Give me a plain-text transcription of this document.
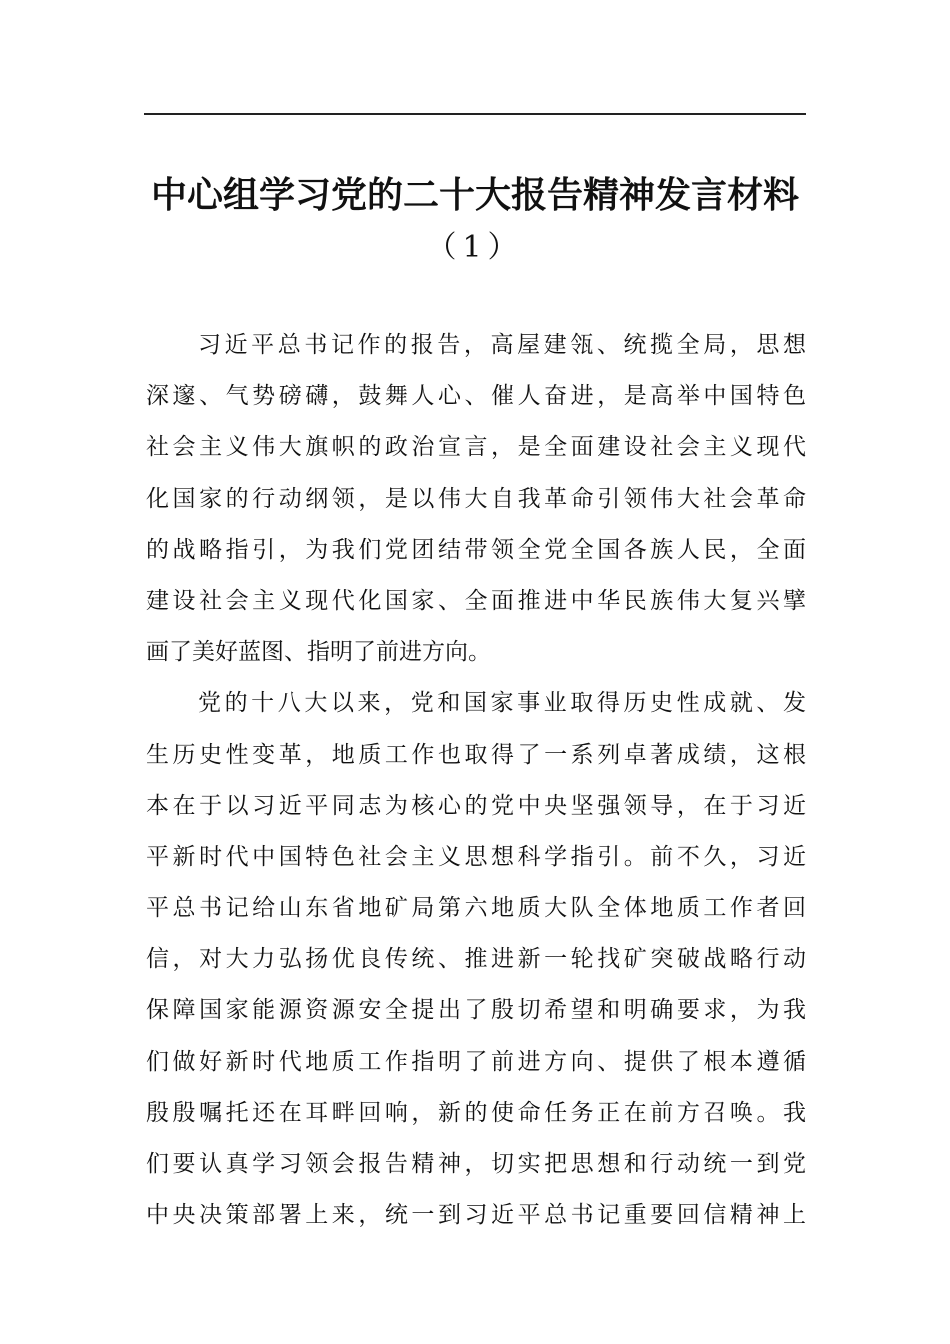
中心组学习党的二十大报告精神发言材料
（1）
习近平总书记作的报告，高屋建瓴、统揽全局，思想
深邃、气势磅礴，鼓舞人心、催人奋进，是高举中国特色
社会主义伟大旗帜的政治宣言，是全面建设社会主义现代
化国家的行动纲领，是以伟大自我革命引领伟大社会革命
的战略指引，为我们党团结带领全党全国各族人民，全面
建设社会主义现代化国家、全面推进中华民族伟大复兴擘
画了美好蓝图、指明了前进方向。
党的十八大以来，党和国家事业取得历史性成就、发
生历史性变革，地质工作也取得了一系列卓著成绩，这根
本在于以习近平同志为核心的党中央坚强领导，在于习近
平新时代中国特色社会主义思想科学指引。前不久，习近
平总书记给山东省地矿局第六地质大队全体地质工作者回
信，对大力弘扬优良传统、推进新一轮找矿突破战略行动
保障国家能源资源安全提出了殷切希望和明确要求，为我
们做好新时代地质工作指明了前进方向、提供了根本遵循
殷殷嘱托还在耳畔回响，新的使命任务正在前方召唤。我
们要认真学习领会报告精神，切实把思想和行动统一到党
中央决策部署上来，统一到习近平总书记重要回信精神上
